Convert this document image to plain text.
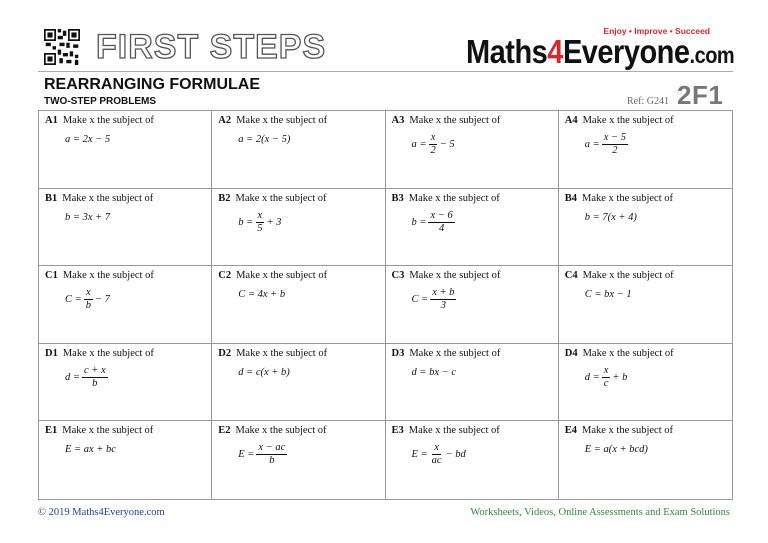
FIRST STEPS	Enjoy • Improve • Succeed
Maths4Everyone.com
REARRANGING FORMULAE
TWO-STEP PROBLEMS	Ref: G241 2F1
A1 Make x the subject of
a = 2x − 5
A2 Make x the subject of
a = 2(x − 5)
A3 Make x the subject of
$a = \frac{x}{2} - 5$
A4 Make x the subject of
$a = \frac{x - 5}{2}$
B1 Make x the subject of
b = 3x + 7
B2 Make x the subject of
$b = \frac{x}{5} + 3$
B3 Make x the subject of
$b = \frac{x - 6}{4}$
B4 Make x the subject of
b = 7(x + 4)
C1 Make x the subject of
$C = \frac{x}{b} - 7$
C2 Make x the subject of
C = 4x + b
C3 Make x the subject of
$C = \frac{x + b}{3}$
C4 Make x the subject of
C = bx − 1
D1 Make x the subject of
$d = \frac{c + x}{b}$
D2 Make x the subject of
d = c(x + b)
D3 Make x the subject of
d = bx − c
D4 Make x the subject of
$d = \frac{x}{c} + b$
E1 Make x the subject of
E = ax + bc
E2 Make x the subject of
$E = \frac{x - ac}{b}$
E3 Make x the subject of
$E = \frac{x}{ac}$ − bd
E4 Make x the subject of
E = a(x + bcd)
© 2019 Maths4Everyone.com	Worksheets, Videos, Online Assessments and Exam Solutions
